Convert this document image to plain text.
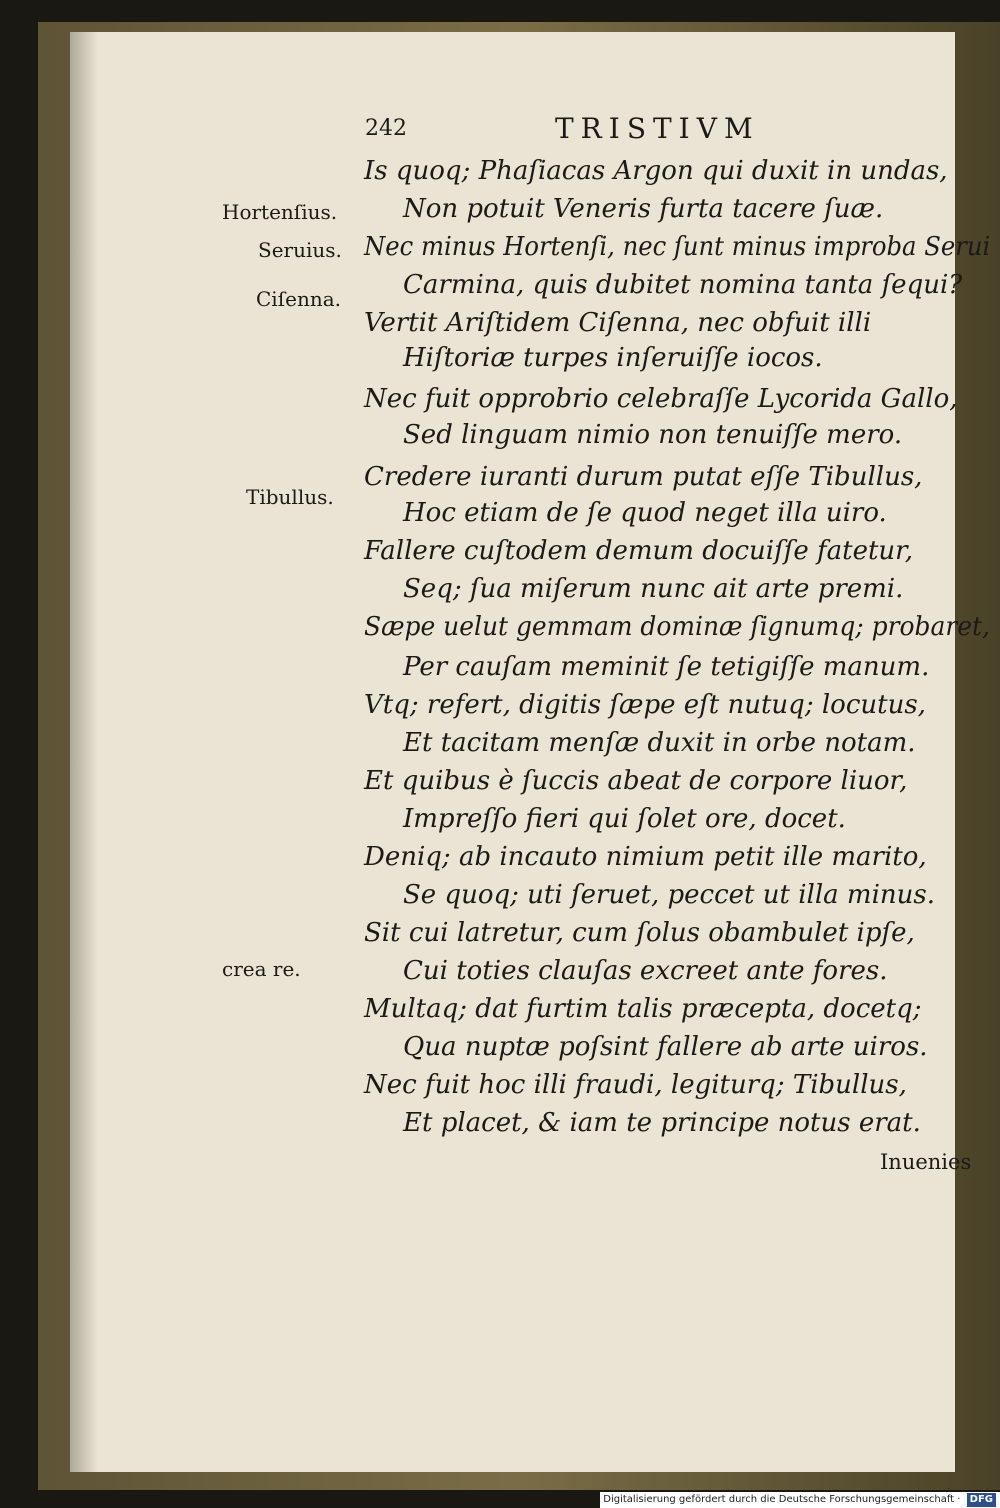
242	TRISTIVM
Hortenſius.
Seruius.
Ciſenna.
Tibullus.
crea re.
Is quoq; Phaſiacas Argon qui duxit in undas,
Non potuit Veneris furta tacere ſuæ.
Nec minus Hortenſi, nec ſunt minus improba Serui
Carmina, quis dubitet nomina tanta ſequi?
Vertit Ariſtidem Ciſenna, nec obfuit illi
Hiſtoriæ turpes inſeruiſſe iocos.
Nec fuit opprobrio celebraſſe Lycorida Gallo,
Sed linguam nimio non tenuiſſe mero.
Credere iuranti durum putat eſſe Tibullus,
Hoc etiam de ſe quod neget illa uiro.
Fallere cuſtodem demum docuiſſe fatetur,
Seq; ſua miſerum nunc ait arte premi.
Sæpe uelut gemmam dominæ ſignumq; probaret,
Per cauſam meminit ſe tetigiſſe manum.
Vtq; refert, digitis ſæpe eſt nutuq; locutus,
Et tacitam menſæ duxit in orbe notam.
Et quibus è ſuccis abeat de corpore liuor,
Impreſſo fieri qui ſolet ore, docet.
Deniq; ab incauto nimium petit ille marito,
Se quoq; uti ſeruet, peccet ut illa minus.
Sit cui latretur, cum ſolus obambulet ipſe,
Cui toties clauſas excreet ante fores.
Multaq; dat furtim talis præcepta, docetq;
Qua nuptæ poſsint fallere ab arte uiros.
Nec fuit hoc illi fraudi, legiturq; Tibullus,
Et placet, & iam te principe notus erat.
Inuenies
Digitalisierung gefördert durch die Deutsche Forschungsgemeinschaft · DFG
